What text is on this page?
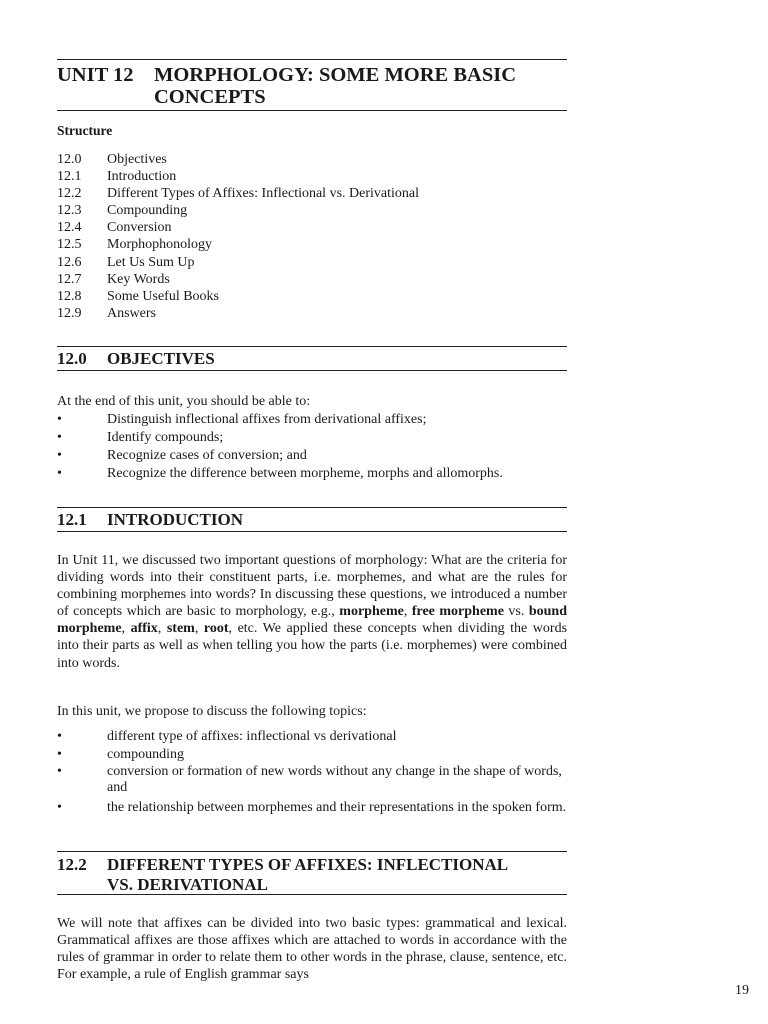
UNIT 12 MORPHOLOGY: SOME MORE BASIC
CONCEPTS
Structure
12.0	Objectives
12.1	Introduction
12.2	Different Types of Affixes: Inflectional vs. Derivational
12.3	Compounding
12.4	Conversion
12.5	Morphophonology
12.6	Let Us Sum Up
12.7	Key Words
12.8	Some Useful Books
12.9	Answers
12.0 OBJECTIVES
At the end of this unit, you should be able to:
•	Distinguish inflectional affixes from derivational affixes;
•	Identify compounds;
•	Recognize cases of conversion; and
•	Recognize the difference between morpheme, morphs and allomorphs.
12.1 INTRODUCTION
In Unit 11, we discussed two important questions of morphology: What are the criteria for dividing words into their constituent parts, i.e. morphemes, and what are the rules for combining morphemes into words? In discussing these questions, we introduced a number of concepts which are basic to morphology, e.g., morpheme, free morpheme vs. bound morpheme, affix, stem, root, etc. We applied these concepts when dividing the words into their parts as well as when telling you how the parts (i.e. morphemes) were combined into words.
In this unit, we propose to discuss the following topics:
•	different type of affixes: inflectional vs derivational
•	compounding
•	conversion or formation of new words without any change in the shape of words, and
•	the relationship between morphemes and their representations in the spoken form.
12.2 DIFFERENT TYPES OF AFFIXES: INFLECTIONAL
VS. DERIVATIONAL
We will note that affixes can be divided into two basic types: grammatical and lexical. Grammatical affixes are those affixes which are attached to words in accordance with the rules of grammar in order to relate them to other words in the phrase, clause, sentence, etc. For example, a rule of English grammar says
19
